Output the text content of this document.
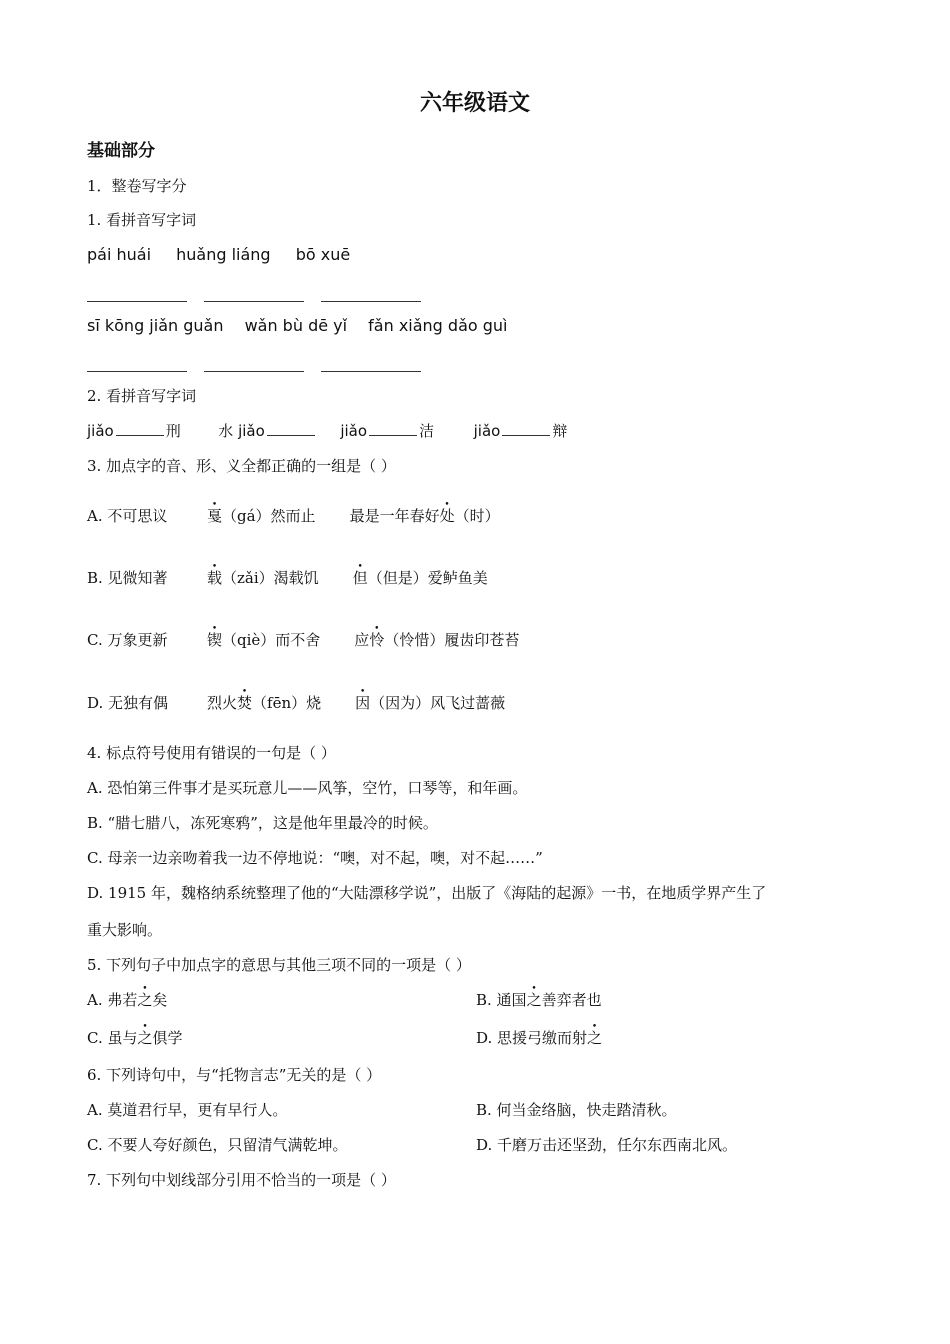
六年级语文
基础部分
1．整卷写字分
1. 看拼音写字词
pái huái huǎng liáng bō xuē
sī kōng jiǎn guǎn wǎn bù dē yǐ fǎn xiǎng dǎo guì
2. 看拼音写字词
jiǎo	刑	水 jiǎo	jiǎo	洁	jiǎo	辩
3. 加点字的音、形、义全都正确的一组是（ ）
A. 不可思议	戛（gá）然而止 最是一年春好处（时）
B. 见微知著	载（zǎi）渴载饥 但（但是）爱鲈鱼美
C. 万象更新	锲（qiè）而不舍 应怜（怜惜）履齿印苍苔
D. 无独有偶	烈火焚（fēn）烧 因（因为）风飞过蔷薇
4. 标点符号使用有错误的一句是（ ）
A. 恐怕第三件事才是买玩意儿——风筝，空竹，口琴等，和年画。
B. “腊七腊八，冻死寒鸦”，这是他年里最冷的时候。
C. 母亲一边亲吻着我一边不停地说：“噢，对不起，噢，对不起……”
D. 1915 年，魏格纳系统整理了他的“大陆漂移学说”，出版了《海陆的起源》一书，在地质学界产生了
重大影响。
5. 下列句子中加点字的意思与其他三项不同的一项是（ ）
A. 弗若之矣	B. 通国之善弈者也
C. 虽与之俱学	D. 思援弓缴而射之
6. 下列诗句中，与“托物言志”无关的是（ ）
A. 莫道君行早，更有早行人。	B. 何当金络脑，快走踏清秋。
C. 不要人夸好颜色，只留清气满乾坤。	D. 千磨万击还坚劲，任尔东西南北风。
7. 下列句中划线部分引用不恰当的一项是（ ）
